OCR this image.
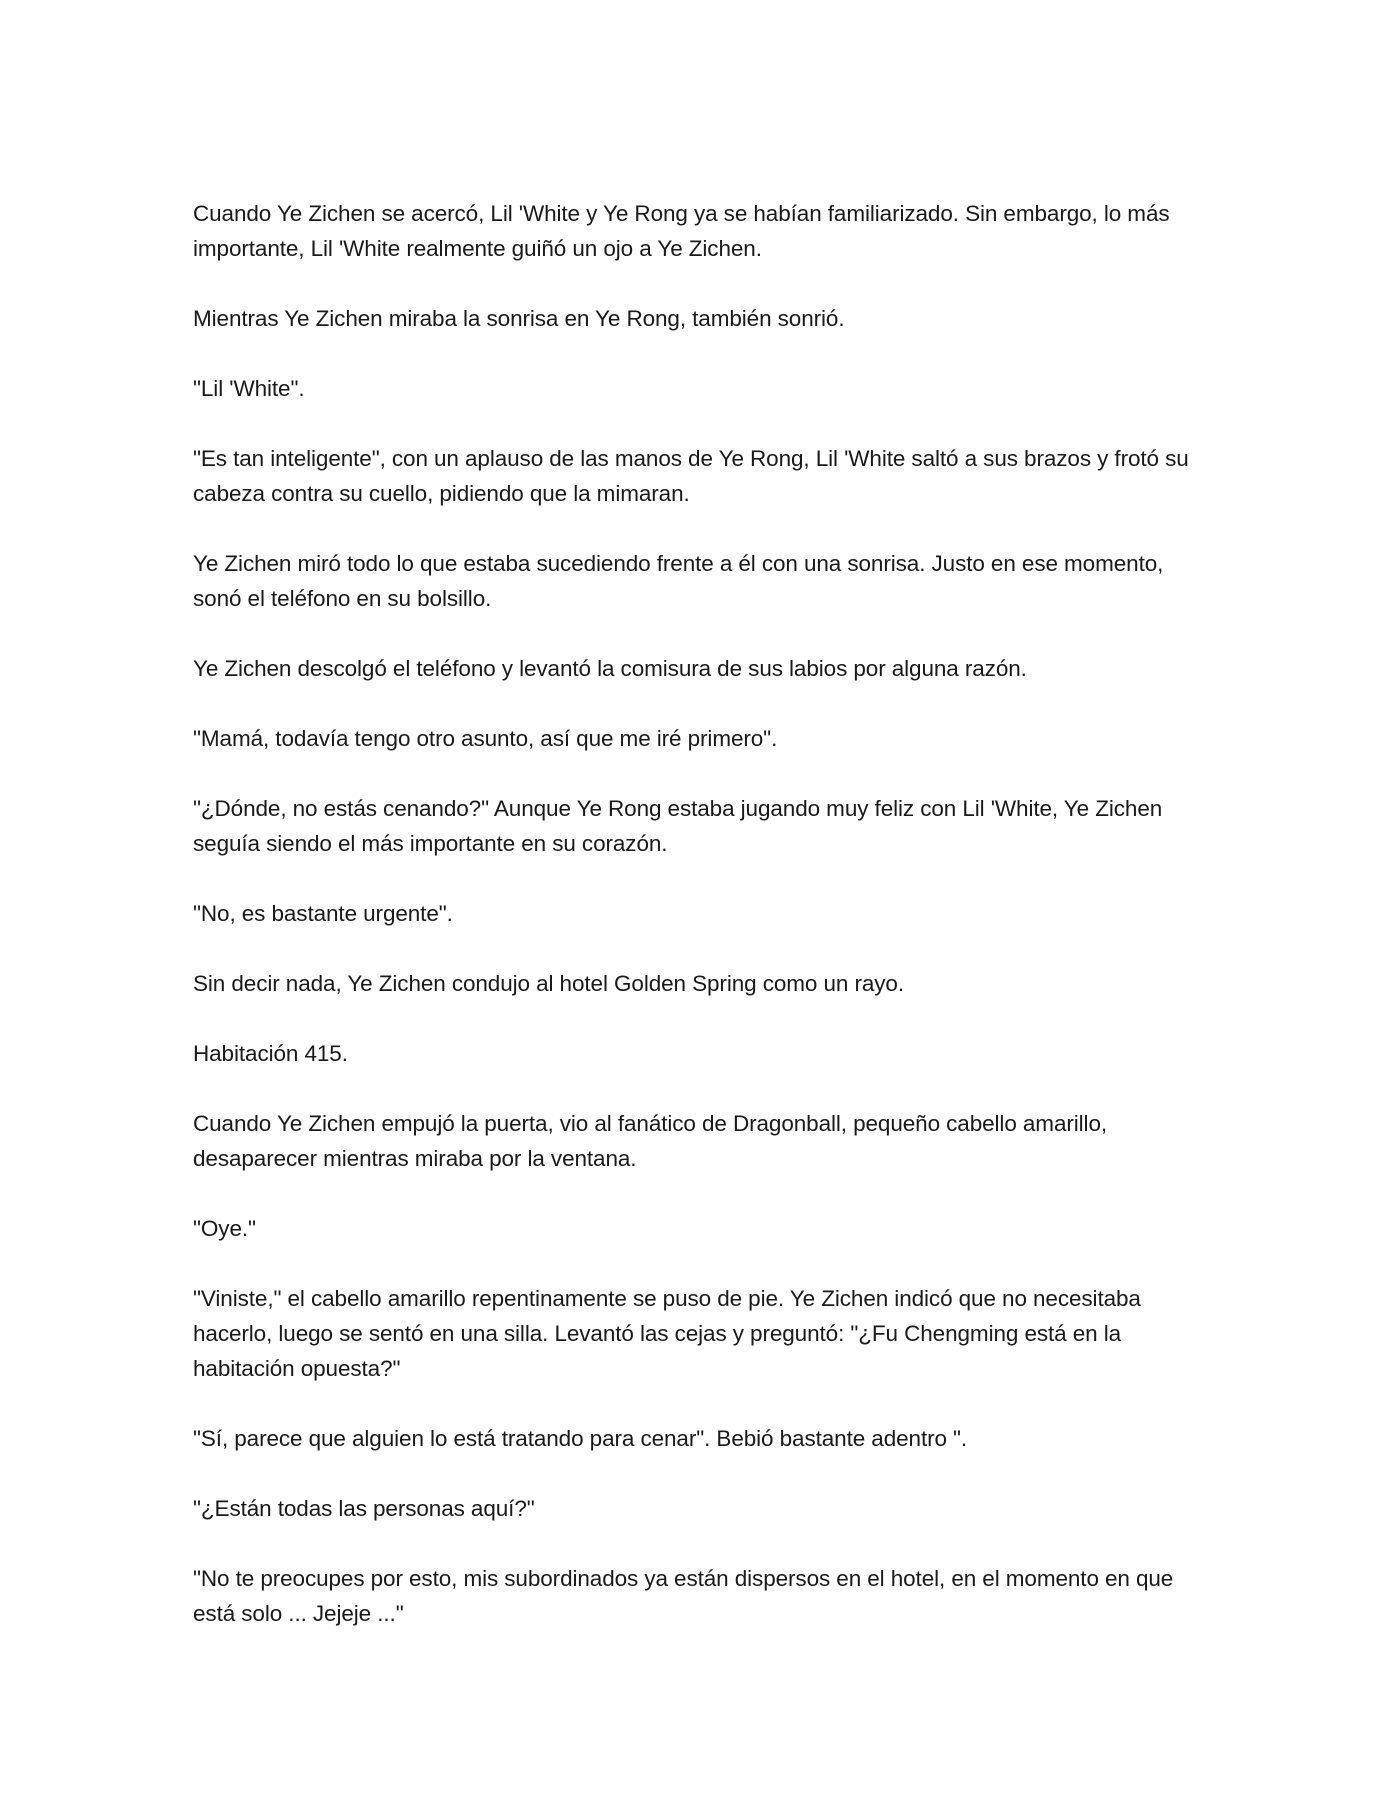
Cuando Ye Zichen se acercó, Lil 'White y Ye Rong ya se habían familiarizado. Sin embargo, lo más importante, Lil 'White realmente guiñó un ojo a Ye Zichen.

Mientras Ye Zichen miraba la sonrisa en Ye Rong, también sonrió.

"Lil 'White".

"Es tan inteligente", con un aplauso de las manos de Ye Rong, Lil 'White saltó a sus brazos y frotó su cabeza contra su cuello, pidiendo que la mimaran.

Ye Zichen miró todo lo que estaba sucediendo frente a él con una sonrisa. Justo en ese momento, sonó el teléfono en su bolsillo.

Ye Zichen descolgó el teléfono y levantó la comisura de sus labios por alguna razón.

"Mamá, todavía tengo otro asunto, así que me iré primero".

"¿Dónde, no estás cenando?" Aunque Ye Rong estaba jugando muy feliz con Lil 'White, Ye Zichen seguía siendo el más importante en su corazón.

"No, es bastante urgente".

Sin decir nada, Ye Zichen condujo al hotel Golden Spring como un rayo.

Habitación 415.

Cuando Ye Zichen empujó la puerta, vio al fanático de Dragonball, pequeño cabello amarillo, desaparecer mientras miraba por la ventana.

"Oye."

"Viniste," el cabello amarillo repentinamente se puso de pie. Ye Zichen indicó que no necesitaba hacerlo, luego se sentó en una silla. Levantó las cejas y preguntó: "¿Fu Chengming está en la habitación opuesta?"

"Sí, parece que alguien lo está tratando para cenar". Bebió bastante adentro ".

"¿Están todas las personas aquí?"

"No te preocupes por esto, mis subordinados ya están dispersos en el hotel, en el momento en que está solo ... Jejeje ..."
